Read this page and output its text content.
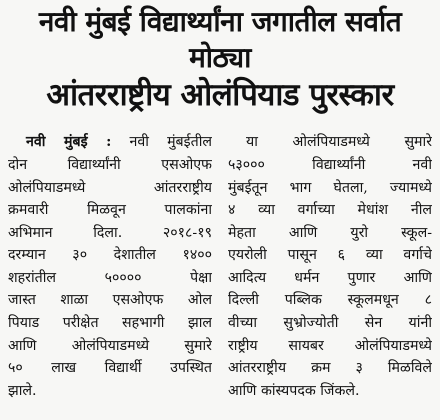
नवी मुंबई विद्यार्थ्यांना जगातील सर्वात मोठ्या
आंतरराष्ट्रीय ओलंपियाड पुरस्कार
नवी मुंबई : नवी मुंबईतील
दोन विद्यार्थ्यांनी एसओएफ
ओलंपियाडमध्ये आंतरराष्ट्रीय
क्रमवारी मिळवून पालकांना
अभिमान दिला. २०१८-१९
दरम्यान ३० देशातील १४००
शहरांतील ५०००० पेक्षा
जास्त शाळा एसओएफ ओल
पियाड परीक्षेत सहभागी झाल
आणि ओलंपियाडमध्ये सुमारे
५० लाख विद्यार्थी उपस्थित
झाले.
या ओलंपियाडमध्ये सुमारे
५३००० विद्यार्थ्यांनी नवी
मुंबईतून भाग घेतला, ज्यामध्ये
४ व्या वर्गाच्या मेधांश नील
मेहता आणि युरो स्कूल-
एयरोली पासून ६ व्या वर्गाचे
आदित्य धर्मन पुणार आणि
दिल्ली पब्लिक स्कूलमधून ८
वीच्या सुभ्रोज्योती सेन यांनी
राष्ट्रीय सायबर ओलंपियाडमध्ये
आंतरराष्ट्रीय क्रम ३ मिळविले
आणि कांस्यपदक जिंकले.
